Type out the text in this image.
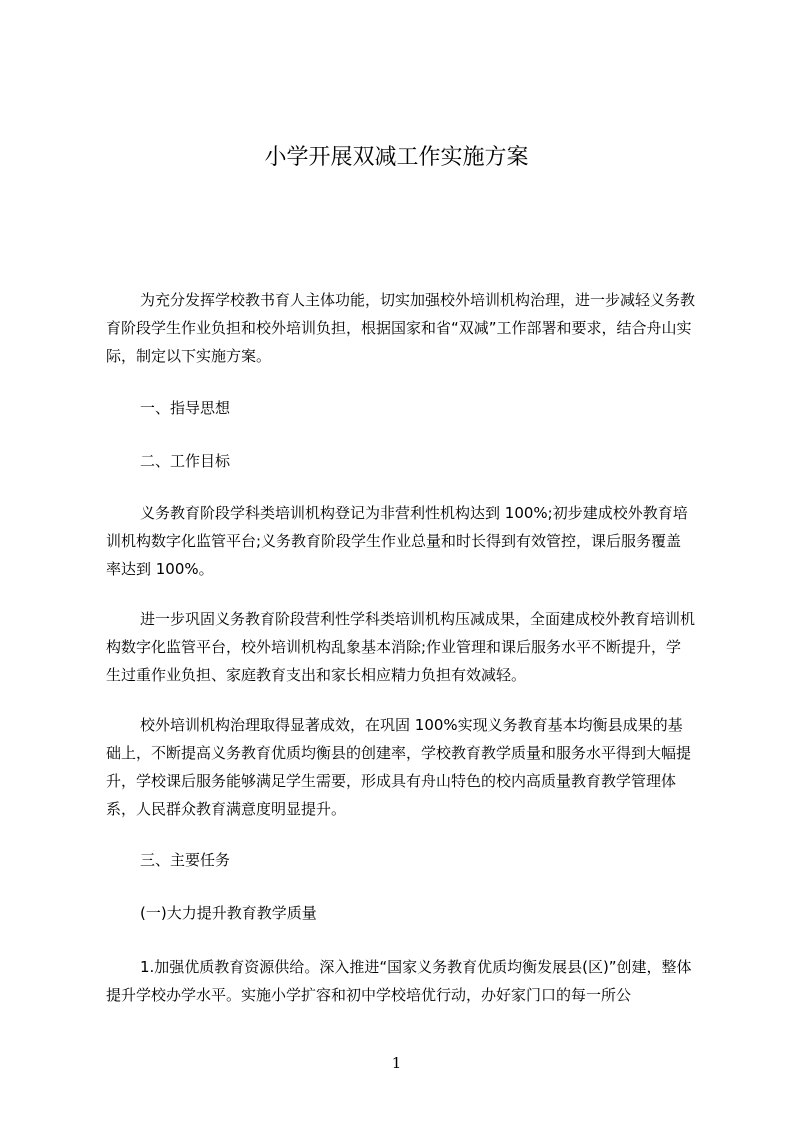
小学开展双减工作实施方案
为充分发挥学校教书育人主体功能，切实加强校外培训机构治理，进一步减轻义务教育阶段学生作业负担和校外培训负担，根据国家和省“双减”工作部署和要求，结合舟山实际，制定以下实施方案。
一、指导思想
二、工作目标
义务教育阶段学科类培训机构登记为非营利性机构达到 100%;初步建成校外教育培训机构数字化监管平台;义务教育阶段学生作业总量和时长得到有效管控，课后服务覆盖率达到 100%。
进一步巩固义务教育阶段营利性学科类培训机构压减成果，全面建成校外教育培训机构数字化监管平台，校外培训机构乱象基本消除;作业管理和课后服务水平不断提升，学生过重作业负担、家庭教育支出和家长相应精力负担有效减轻。
校外培训机构治理取得显著成效，在巩固 100%实现义务教育基本均衡县成果的基础上，不断提高义务教育优质均衡县的创建率，学校教育教学质量和服务水平得到大幅提升，学校课后服务能够满足学生需要，形成具有舟山特色的校内高质量教育教学管理体系，人民群众教育满意度明显提升。
三、主要任务
(一)大力提升教育教学质量
1.加强优质教育资源供给。深入推进“国家义务教育优质均衡发展县(区)”创建，整体提升学校办学水平。实施小学扩容和初中学校培优行动，办好家门口的每一所公
1
